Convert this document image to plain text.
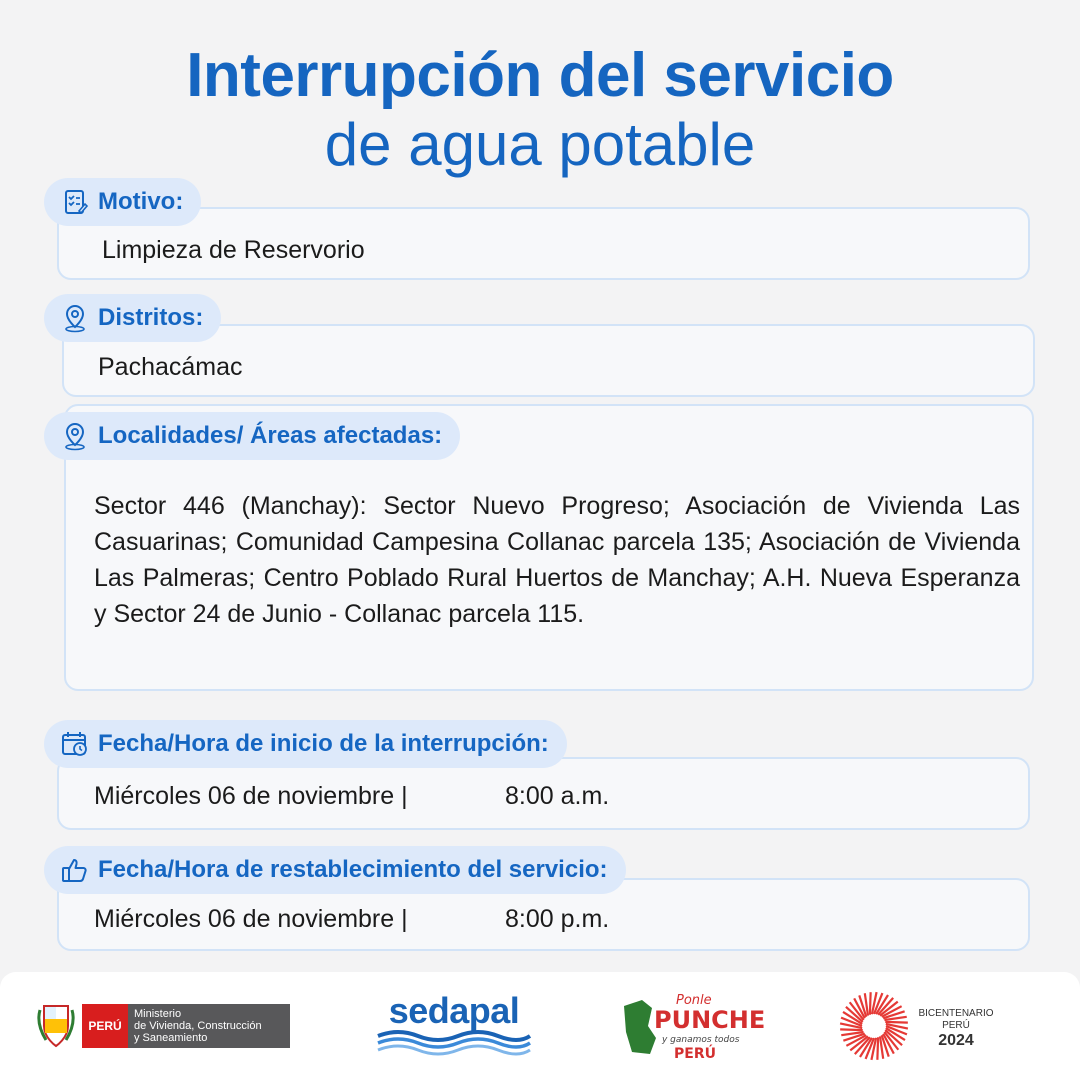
Interrupción del servicio
de agua potable
Motivo:
Limpieza de Reservorio
Distritos:
Pachacámac
Localidades/ Áreas afectadas:
Sector 446 (Manchay): Sector Nuevo Progreso; Asociación de Vivienda Las Casuarinas; Comunidad Campesina Collanac parcela 135; Asociación de Vivienda Las Palmeras; Centro Poblado Rural Huertos de Manchay; A.H. Nueva Esperanza y Sector 24 de Junio - Collanac parcela 115.
Fecha/Hora de inicio de la interrupción:
Miércoles 06 de noviembre |	8:00 a.m.
Fecha/Hora de restablecimiento del servicio:
Miércoles 06 de noviembre |	8:00 p.m.
PERÚ
Ministerio
de Vivienda, Construcción
y Saneamiento
sedapal	Ponle
PUNCHE
y ganamos todos
PERÚ
BICENTENARIO
PERÚ
2024
